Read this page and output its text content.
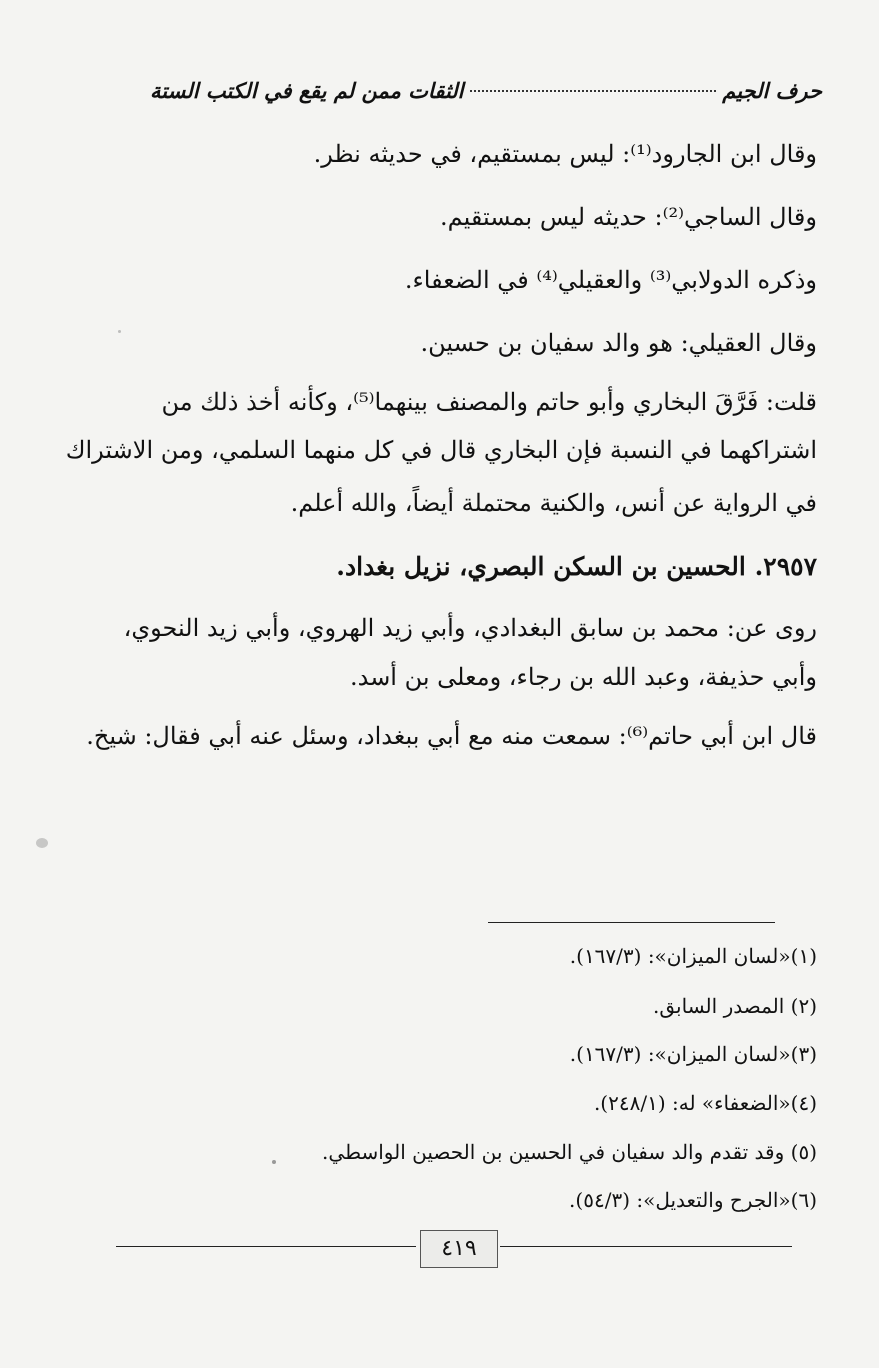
حرف الجيم
الثقات ممن لم يقع في الكتب الستة
وقال ابن الجارود⁽¹⁾: ليس بمستقيم، في حديثه نظر.
وقال الساجي⁽²⁾: حديثه ليس بمستقيم.
وذكره الدولابي⁽³⁾ والعقيلي⁽⁴⁾ في الضعفاء.
وقال العقيلي: هو والد سفيان بن حسين.
قلت: فَرَّقَ البخاري وأبو حاتم والمصنف بينهما⁽⁵⁾، وكأنه أخذ ذلك من
اشتراكهما في النسبة فإن البخاري قال في كل منهما السلمي، ومن الاشتراك
في الرواية عن أنس، والكنية محتملة أيضاً، والله أعلم.
٢٩٥٧. الحسين بن السكن البصري، نزيل بغداد.
روى عن: محمد بن سابق البغدادي، وأبي زيد الهروي، وأبي زيد النحوي،
وأبي حذيفة، وعبد الله بن رجاء، ومعلى بن أسد.
قال ابن أبي حاتم⁽⁶⁾: سمعت منه مع أبي ببغداد، وسئل عنه أبي فقال: شيخ.
(١)«لسان الميزان»: (١٦٧/٣).
(٢) المصدر السابق.
(٣)«لسان الميزان»: (١٦٧/٣).
(٤)«الضعفاء» له: (٢٤٨/١).
(٥) وقد تقدم والد سفيان في الحسين بن الحصين الواسطي.
(٦)«الجرح والتعديل»: (٥٤/٣).
٤١٩
